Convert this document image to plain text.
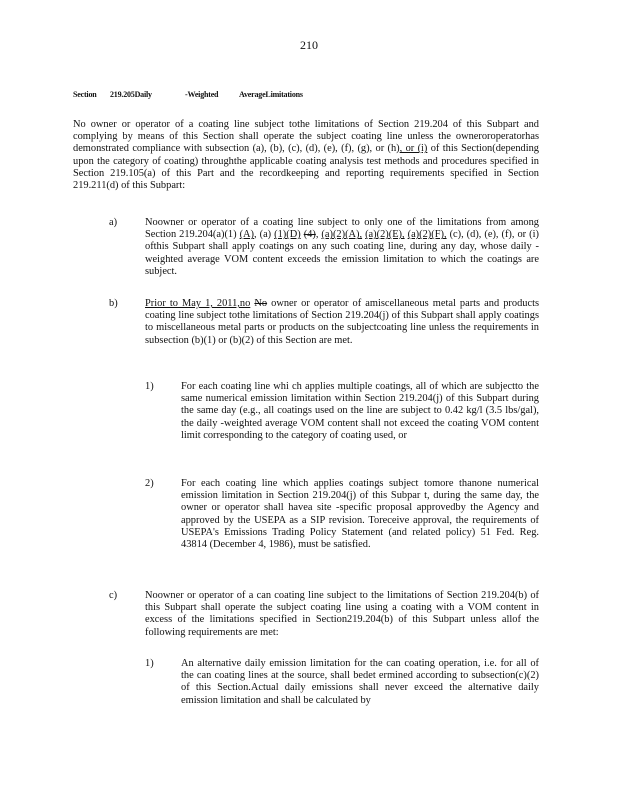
210
Section 219.205Daily	-Weighted	AverageLimitations

No owner or operator of a coating line subject tothe limitations of Section 219.204 of this Subpart and complying by means of this Section shall operate the subject coating line unless the owneroroperatorhas demonstrated compliance with subsection (a), (b), (c), (d), (e), (f), (g), or (h), or (i) of this Section(depending upon the category of coating) throughthe applicable coating analysis test methods and procedures specified in Section 219.105(a) of this Part and the recordkeeping and reporting requirements specified in Section 219.211(d) of this Subpart:

a)	Noowner or operator of a coating line subject to only one of the limitations from among Section 219.204(a)(1) (A), (a) (1)(D) (4), (a)(2)(A), (a)(2)(E), (a)(2)(F), (c), (d), (e), (f), or (i) ofthis Subpart shall apply coatings on any such coating line, during any day, whose daily -weighted average VOM content exceeds the emission limitation to which the coatings are subject.

b)	Prior to May 1, 2011,no No owner or operator of amiscellaneous metal parts and products coating line subject tothe limitations of Section 219.204(j) of this Subpart shall apply coatings to miscellaneous metal parts or products on the subjectcoating line unless the requirements in subsection (b)(1) or (b)(2) of this Section are met.

1)	For each coating line whi ch applies multiple coatings, all of which are subjectto the same numerical emission limitation within Section 219.204(j) of this Subpart during the same day (e.g., all coatings used on the line are subject to 0.42 kg/l (3.5 lbs/gal), the daily -weighted average VOM content shall not exceed the coating VOM content limit corresponding to the category of coating used, or

2)	For each coating line which applies coatings subject tomore thanone numerical emission limitation in Section 219.204(j) of this Subpar t, during the same day, the owner or operator shall havea site -specific proposal approvedby the Agency and approved by the USEPA as a SIP revision. Toreceive approval, the requirements of USEPA's Emissions Trading Policy Statement (and related policy) 51 Fed. Reg. 43814 (December 4, 1986), must be satisfied.

c)	Noowner or operator of a can coating line subject to the limitations of Section 219.204(b) of this Subpart shall operate the subject coating line using a coating with a VOM content in excess of the limitations specified in Section219.204(b) of this Subpart unless allof the following requirements are met:

1)	An alternative daily emission limitation for the can coating operation, i.e. for all of the can coating lines at the source, shall bedet ermined according to subsection(c)(2) of this Section.Actual daily emissions shall never exceed the alternative daily emission limitation and shall be calculated by
